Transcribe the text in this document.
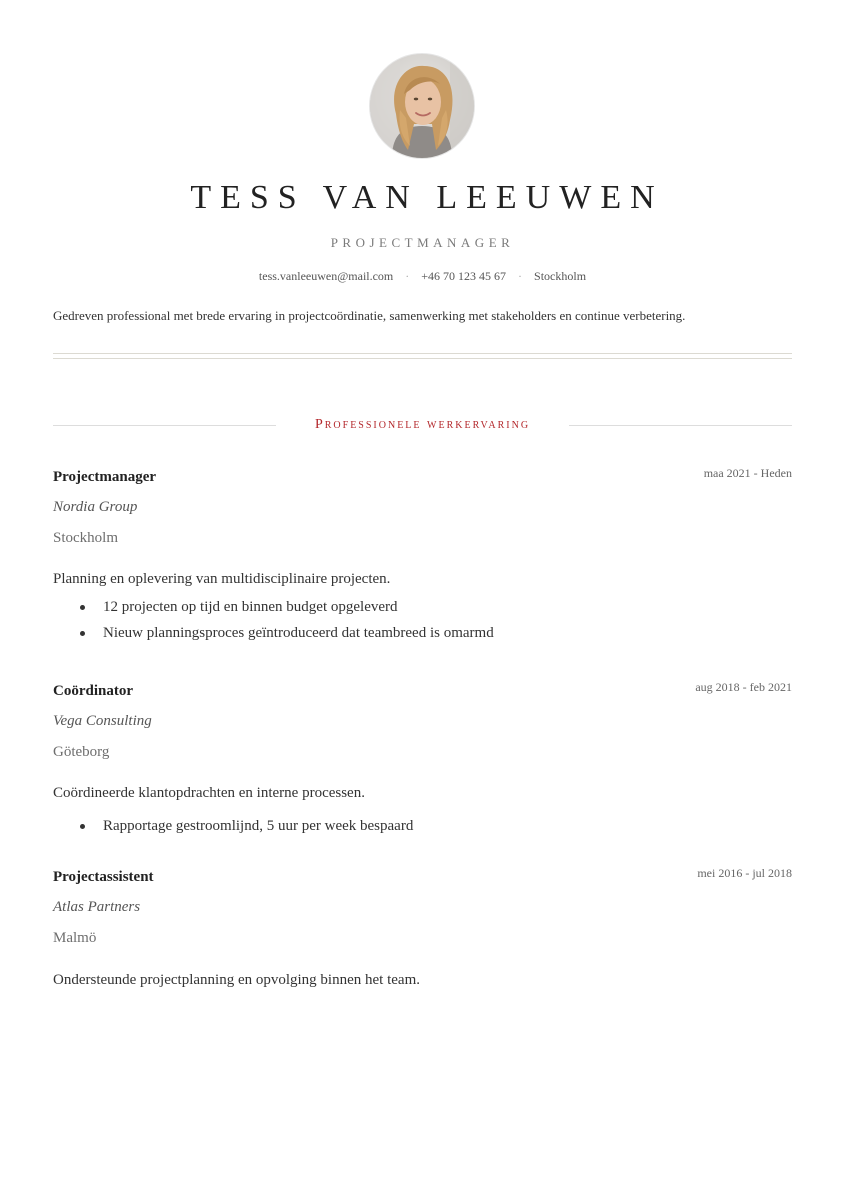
TESS VAN LEEUWEN
PROJECTMANAGER
tess.vanleeuwen@mail.com · +46 70 123 45 67 · Stockholm
Gedreven professional met brede ervaring in projectcoördinatie, samenwerking met stakeholders en continue verbetering.
Professionele werkervaring
Projectmanager	maa 2021 - Heden
Nordia Group
Stockholm
Planning en oplevering van multidisciplinaire projecten.
12 projecten op tijd en binnen budget opgeleverd
Nieuw planningsproces geïntroduceerd dat teambreed is omarmd
Coördinator	aug 2018 - feb 2021
Vega Consulting
Göteborg
Coördineerde klantopdrachten en interne processen.
Rapportage gestroomlijnd, 5 uur per week bespaard
Projectassistent	mei 2016 - jul 2018
Atlas Partners
Malmö
Ondersteunde projectplanning en opvolging binnen het team.
